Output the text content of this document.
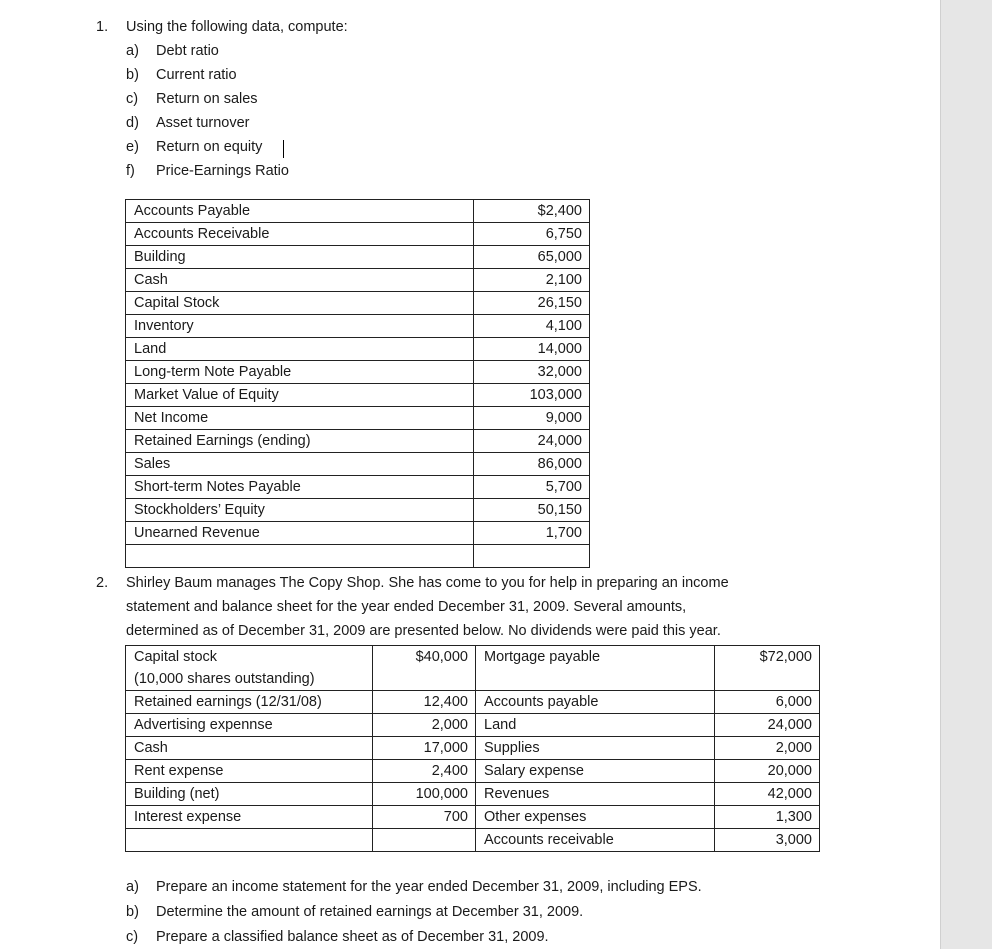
1. Using the following data, compute:
a) Debt ratio
b) Current ratio
c) Return on sales
d) Asset turnover
e) Return on equity
f) Price-Earnings Ratio
Accounts Payable	$2,400
Accounts Receivable	6,750
Building	65,000
Cash	2,100
Capital Stock	26,150
Inventory	4,100
Land	14,000
Long-term Note Payable	32,000
Market Value of Equity	103,000
Net Income	9,000
Retained Earnings (ending)	24,000
Sales	86,000
Short-term Notes Payable	5,700
Stockholders’ Equity	50,150
Unearned Revenue	1,700

2. Shirley Baum manages The Copy Shop. She has come to you for help in preparing an income
statement and balance sheet for the year ended December 31, 2009. Several amounts,
determined as of December 31, 2009 are presented below. No dividends were paid this year.
Capital stock
(10,000 shares outstanding)	$40,000	Mortgage payable	$72,000

Retained earnings (12/31/08)	12,400	Accounts payable	6,000

Advertising expennse	2,000	Land	24,000

Cash	17,000	Supplies	2,000

Rent expense	2,400	Salary expense	20,000

Building (net)	100,000	Revenues	42,000

Interest expense	700	Other expenses	1,300

		Accounts receivable	3,000
a) Prepare an income statement for the year ended December 31, 2009, including EPS.
b) Determine the amount of retained earnings at December 31, 2009.
c) Prepare a classified balance sheet as of December 31, 2009.
